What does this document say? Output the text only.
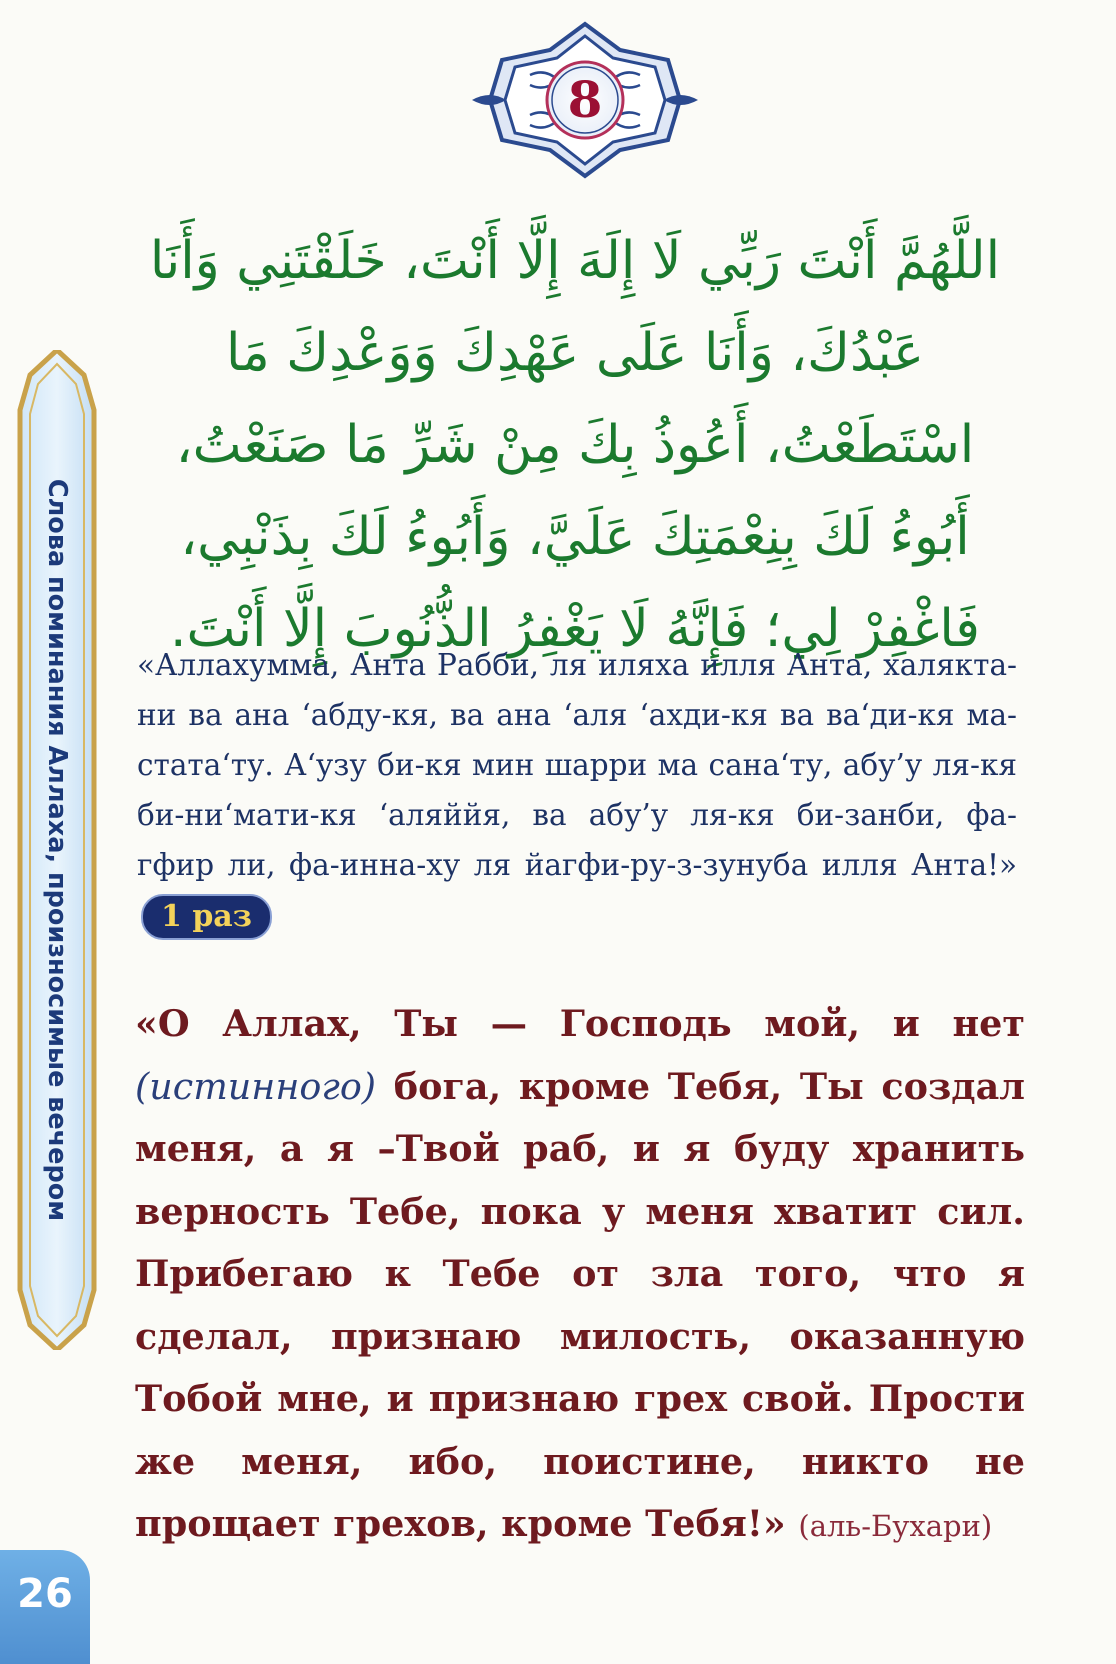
8
Слова поминания Аллаха, произносимые вечером
اللَّهُمَّ أَنْتَ رَبِّي لَا إِلَهَ إِلَّا أَنْتَ، خَلَقْتَنِي وَأَنَا عَبْدُكَ، وَأَنَا عَلَى عَهْدِكَ وَوَعْدِكَ مَا اسْتَطَعْتُ، أَعُوذُ بِكَ مِنْ شَرِّ مَا صَنَعْتُ، أَبُوءُ لَكَ بِنِعْمَتِكَ عَلَيَّ، وَأَبُوءُ لَكَ بِذَنْبِي، فَاغْفِرْ لِي؛ فَإِنَّهُ لَا يَغْفِرُ الذُّنُوبَ إِلَّا أَنْتَ.
«Аллахумма, Анта Рабби, ля иляха илля Анта, халякта-ни ва ана ‘абду-кя, ва ана ‘аля ‘ахди-кя ва ва‘ди-кя ма-стата‘ту. А‘узу би-кя мин шарри ма сана‘ту, абу’у ля-кя би-ни‘мати-кя ‘аляййя, ва абу’у ля-кя би-занби, фа-гфир ли, фа-инна-ху ля йагфи-ру-з-зунуба илля Анта!» 1 раз
«О Аллах, Ты — Господь мой, и нет (истинного) бога, кроме Тебя, Ты создал меня, а я –Твой раб, и я буду хранить верность Тебе, пока у меня хватит сил. Прибегаю к Тебе от зла того, что я сделал, признаю милость, оказанную Тобой мне, и признаю грех свой. Прости же меня, ибо, поистине, никто не прощает грехов, кроме Тебя!» (аль-Бухари)
26
